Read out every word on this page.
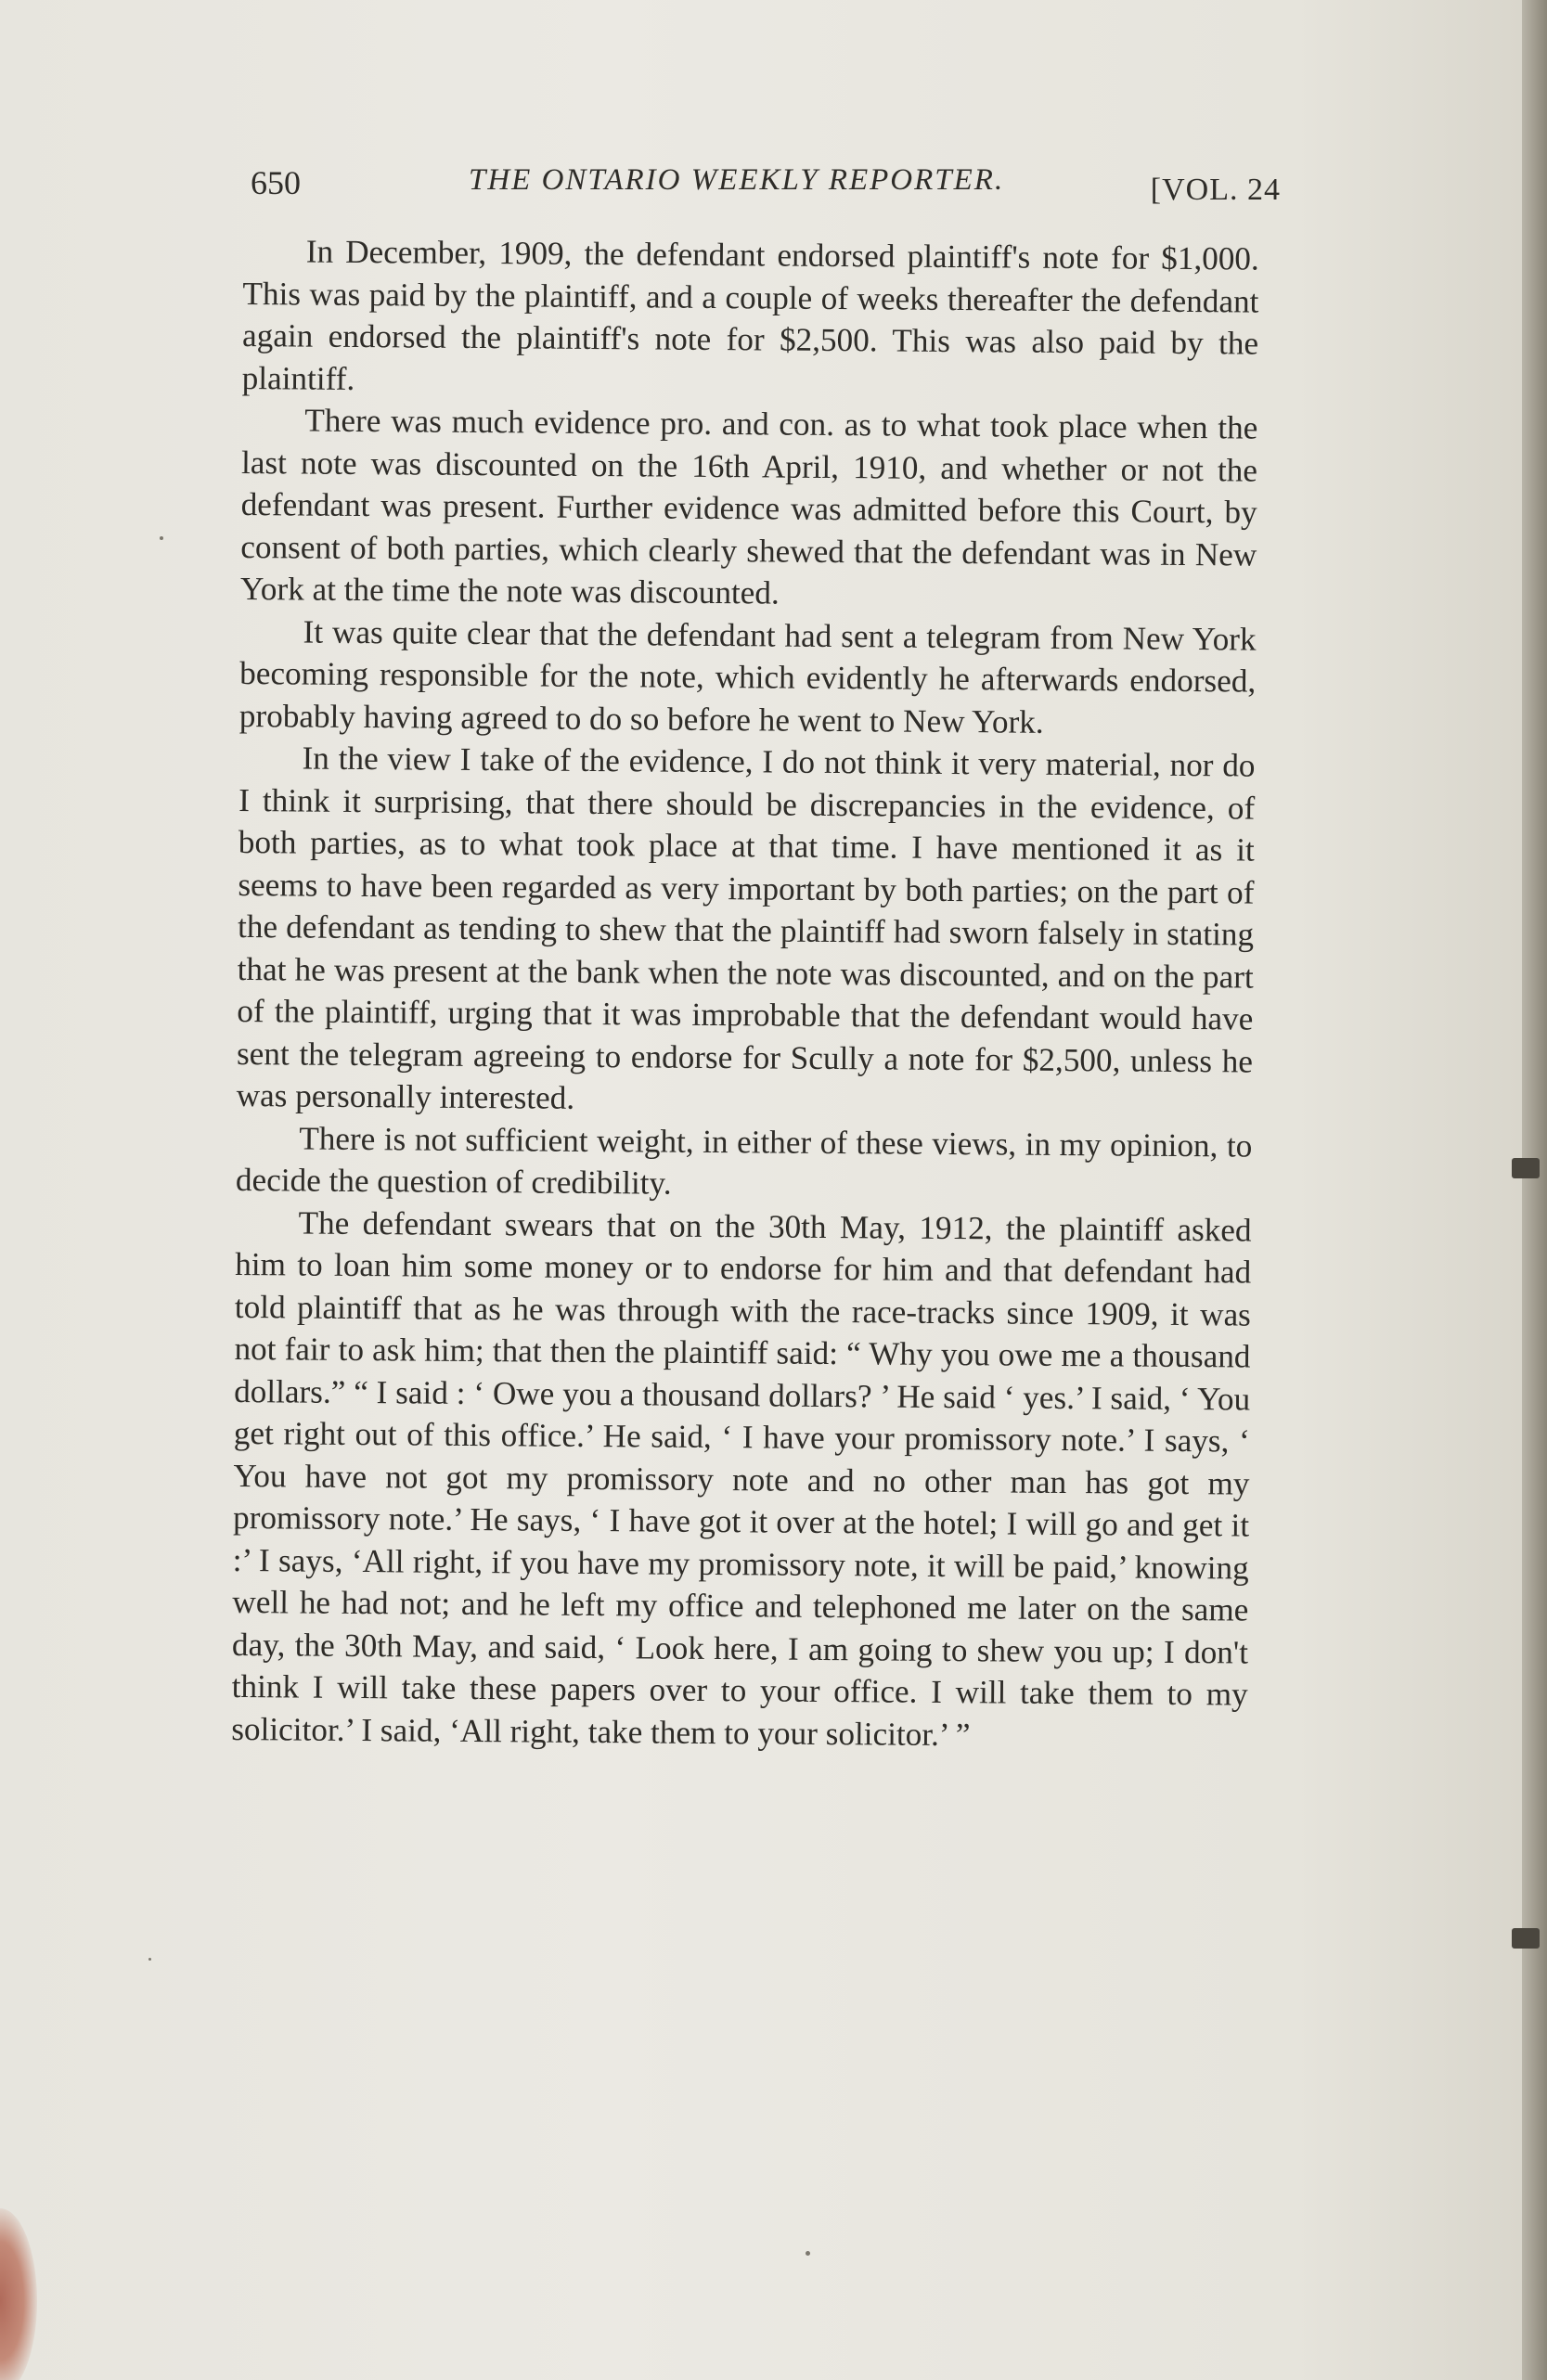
650	THE ONTARIO WEEKLY REPORTER.	[VOL. 24

In December, 1909, the defendant endorsed plaintiff's note for $1,000. This was paid by the plaintiff, and a couple of weeks thereafter the defendant again endorsed the plaintiff's note for $2,500. This was also paid by the plaintiff.

There was much evidence pro. and con. as to what took place when the last note was discounted on the 16th April, 1910, and whether or not the defendant was present. Further evidence was admitted before this Court, by consent of both parties, which clearly shewed that the defendant was in New York at the time the note was discounted.

It was quite clear that the defendant had sent a telegram from New York becoming responsible for the note, which evidently he afterwards endorsed, probably having agreed to do so before he went to New York.

In the view I take of the evidence, I do not think it very material, nor do I think it surprising, that there should be discrepancies in the evidence, of both parties, as to what took place at that time. I have mentioned it as it seems to have been regarded as very important by both parties; on the part of the defendant as tending to shew that the plaintiff had sworn falsely in stating that he was present at the bank when the note was discounted, and on the part of the plaintiff, urging that it was improbable that the defendant would have sent the telegram agreeing to endorse for Scully a note for $2,500, unless he was personally interested.

There is not sufficient weight, in either of these views, in my opinion, to decide the question of credibility.

The defendant swears that on the 30th May, 1912, the plaintiff asked him to loan him some money or to endorse for him and that defendant had told plaintiff that as he was through with the race-tracks since 1909, it was not fair to ask him; that then the plaintiff said: “ Why you owe me a thousand dollars.” “ I said : ‘ Owe you a thousand dollars? ’ He said ‘ yes.’ I said, ‘ You get right out of this office.’ He said, ‘ I have your promissory note.’ I says, ‘ You have not got my promissory note and no other man has got my promissory note.’ He says, ‘ I have got it over at the hotel; I will go and get it :’ I says, ‘All right, if you have my promissory note, it will be paid,’ knowing well he had not; and he left my office and telephoned me later on the same day, the 30th May, and said, ‘ Look here, I am going to shew you up; I don't think I will take these papers over to your office. I will take them to my solicitor.’ I said, ‘All right, take them to your solicitor.’ ”
